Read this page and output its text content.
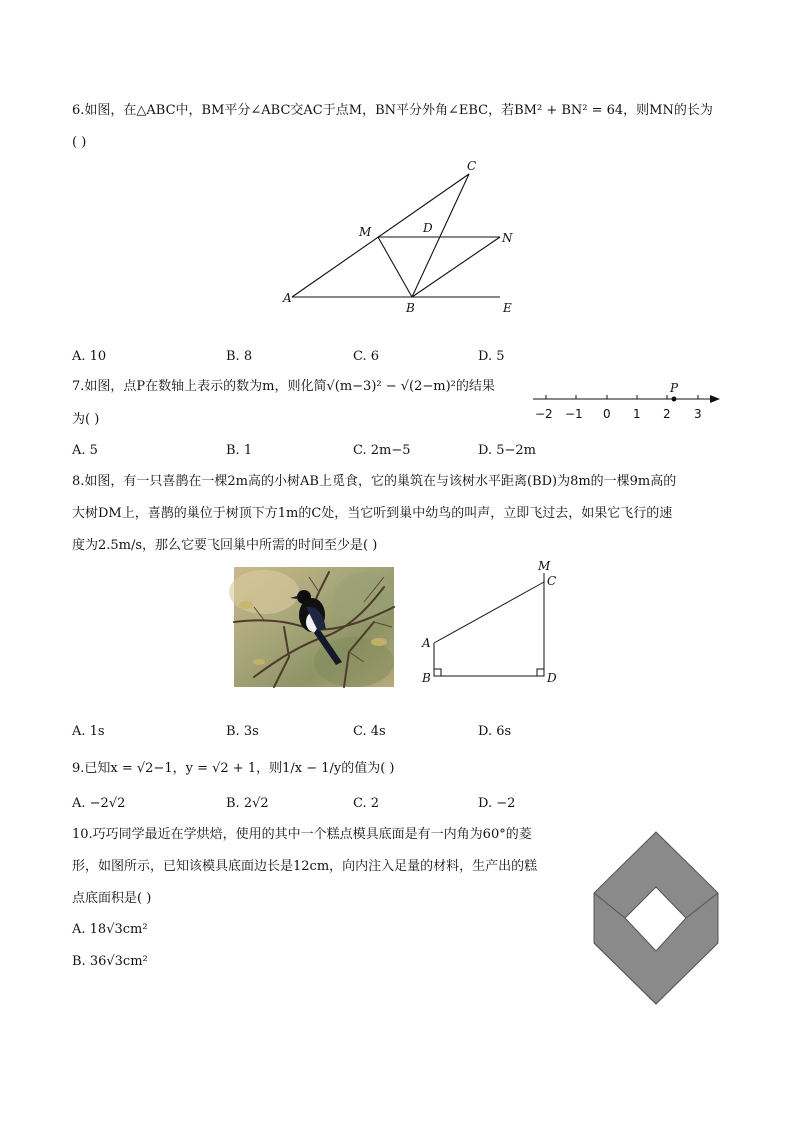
6.如图，在△ABC中，BM平分∠ABC交AC于点M，BN平分外角∠EBC，若BM² + BN² = 64，则MN的长为
( )
C
M	D
N
A
B	E
A. 10	B. 8	C. 6	D. 5
7.如图，点P在数轴上表示的数为m，则化简√(m−3)² − √(2−m)²的结果
为( )
P
−2 −1 0 1 2 3
A. 5	B. 1	C. 2m−5	D. 5−2m
8.如图，有一只喜鹊在一棵2m高的小树AB上觅食，它的巢筑在与该树水平距离(BD)为8m的一棵9m高的
大树DM上，喜鹊的巢位于树顶下方1m的C处，当它听到巢中幼鸟的叫声，立即飞过去，如果它飞行的速
度为2.5m/s，那么它要飞回巢中所需的时间至少是( )
M
C
A
B	D
A. 1s	B. 3s	C. 4s	D. 6s
9.已知x = √2−1，y = √2 + 1，则1/x − 1/y的值为( )
A. −2√2	B. 2√2	C. 2	D. −2
10.巧巧同学最近在学烘焙，使用的其中一个糕点模具底面是有一内角为60°的菱
形，如图所示，已知该模具底面边长是12cm，向内注入足量的材料，生产出的糕
点底面积是( )
A. 18√3cm²
B. 36√3cm²
